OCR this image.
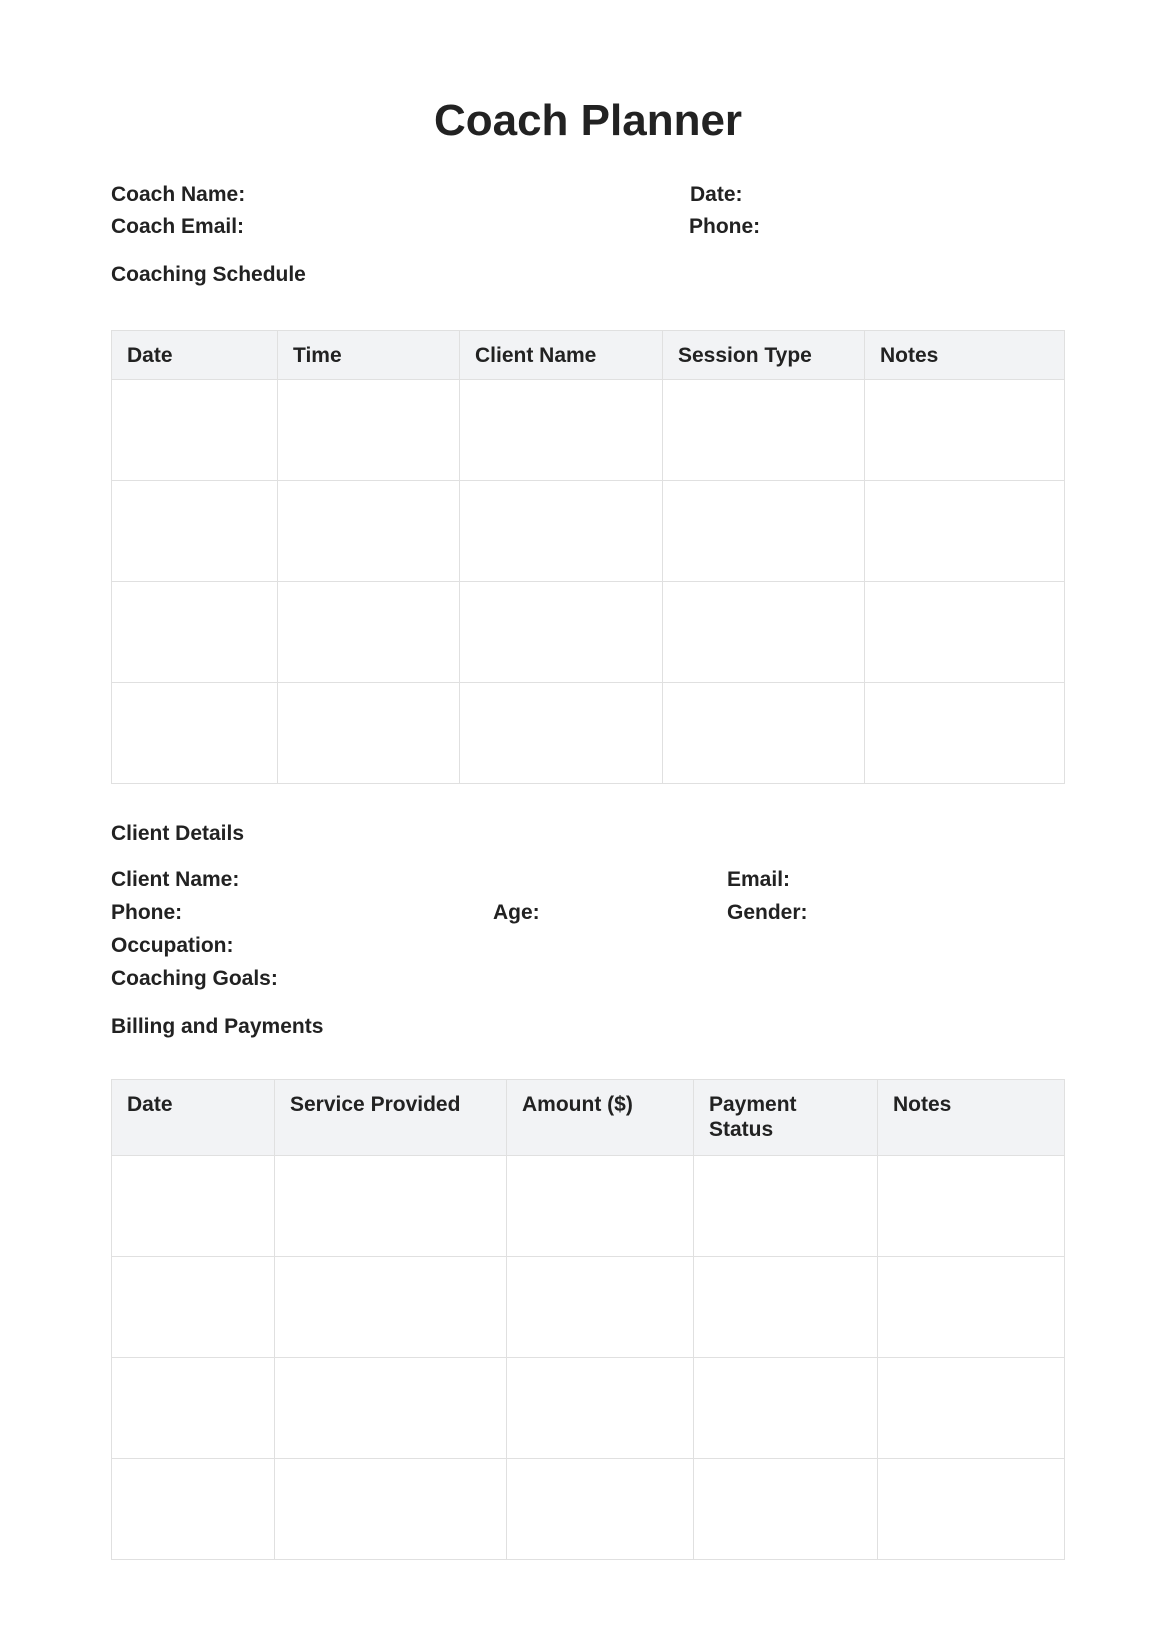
Coach Planner
Coach Name:	Date:
Coach Email:	Phone:
Coaching Schedule
Date	Time	Client Name	Session Type	Notes

Client Details
Client Name:	Email:
Phone:	Age:	Gender:
Occupation:
Coaching Goals:
Billing and Payments
Date	Service Provided	Amount ($)	Payment Status	Notes
